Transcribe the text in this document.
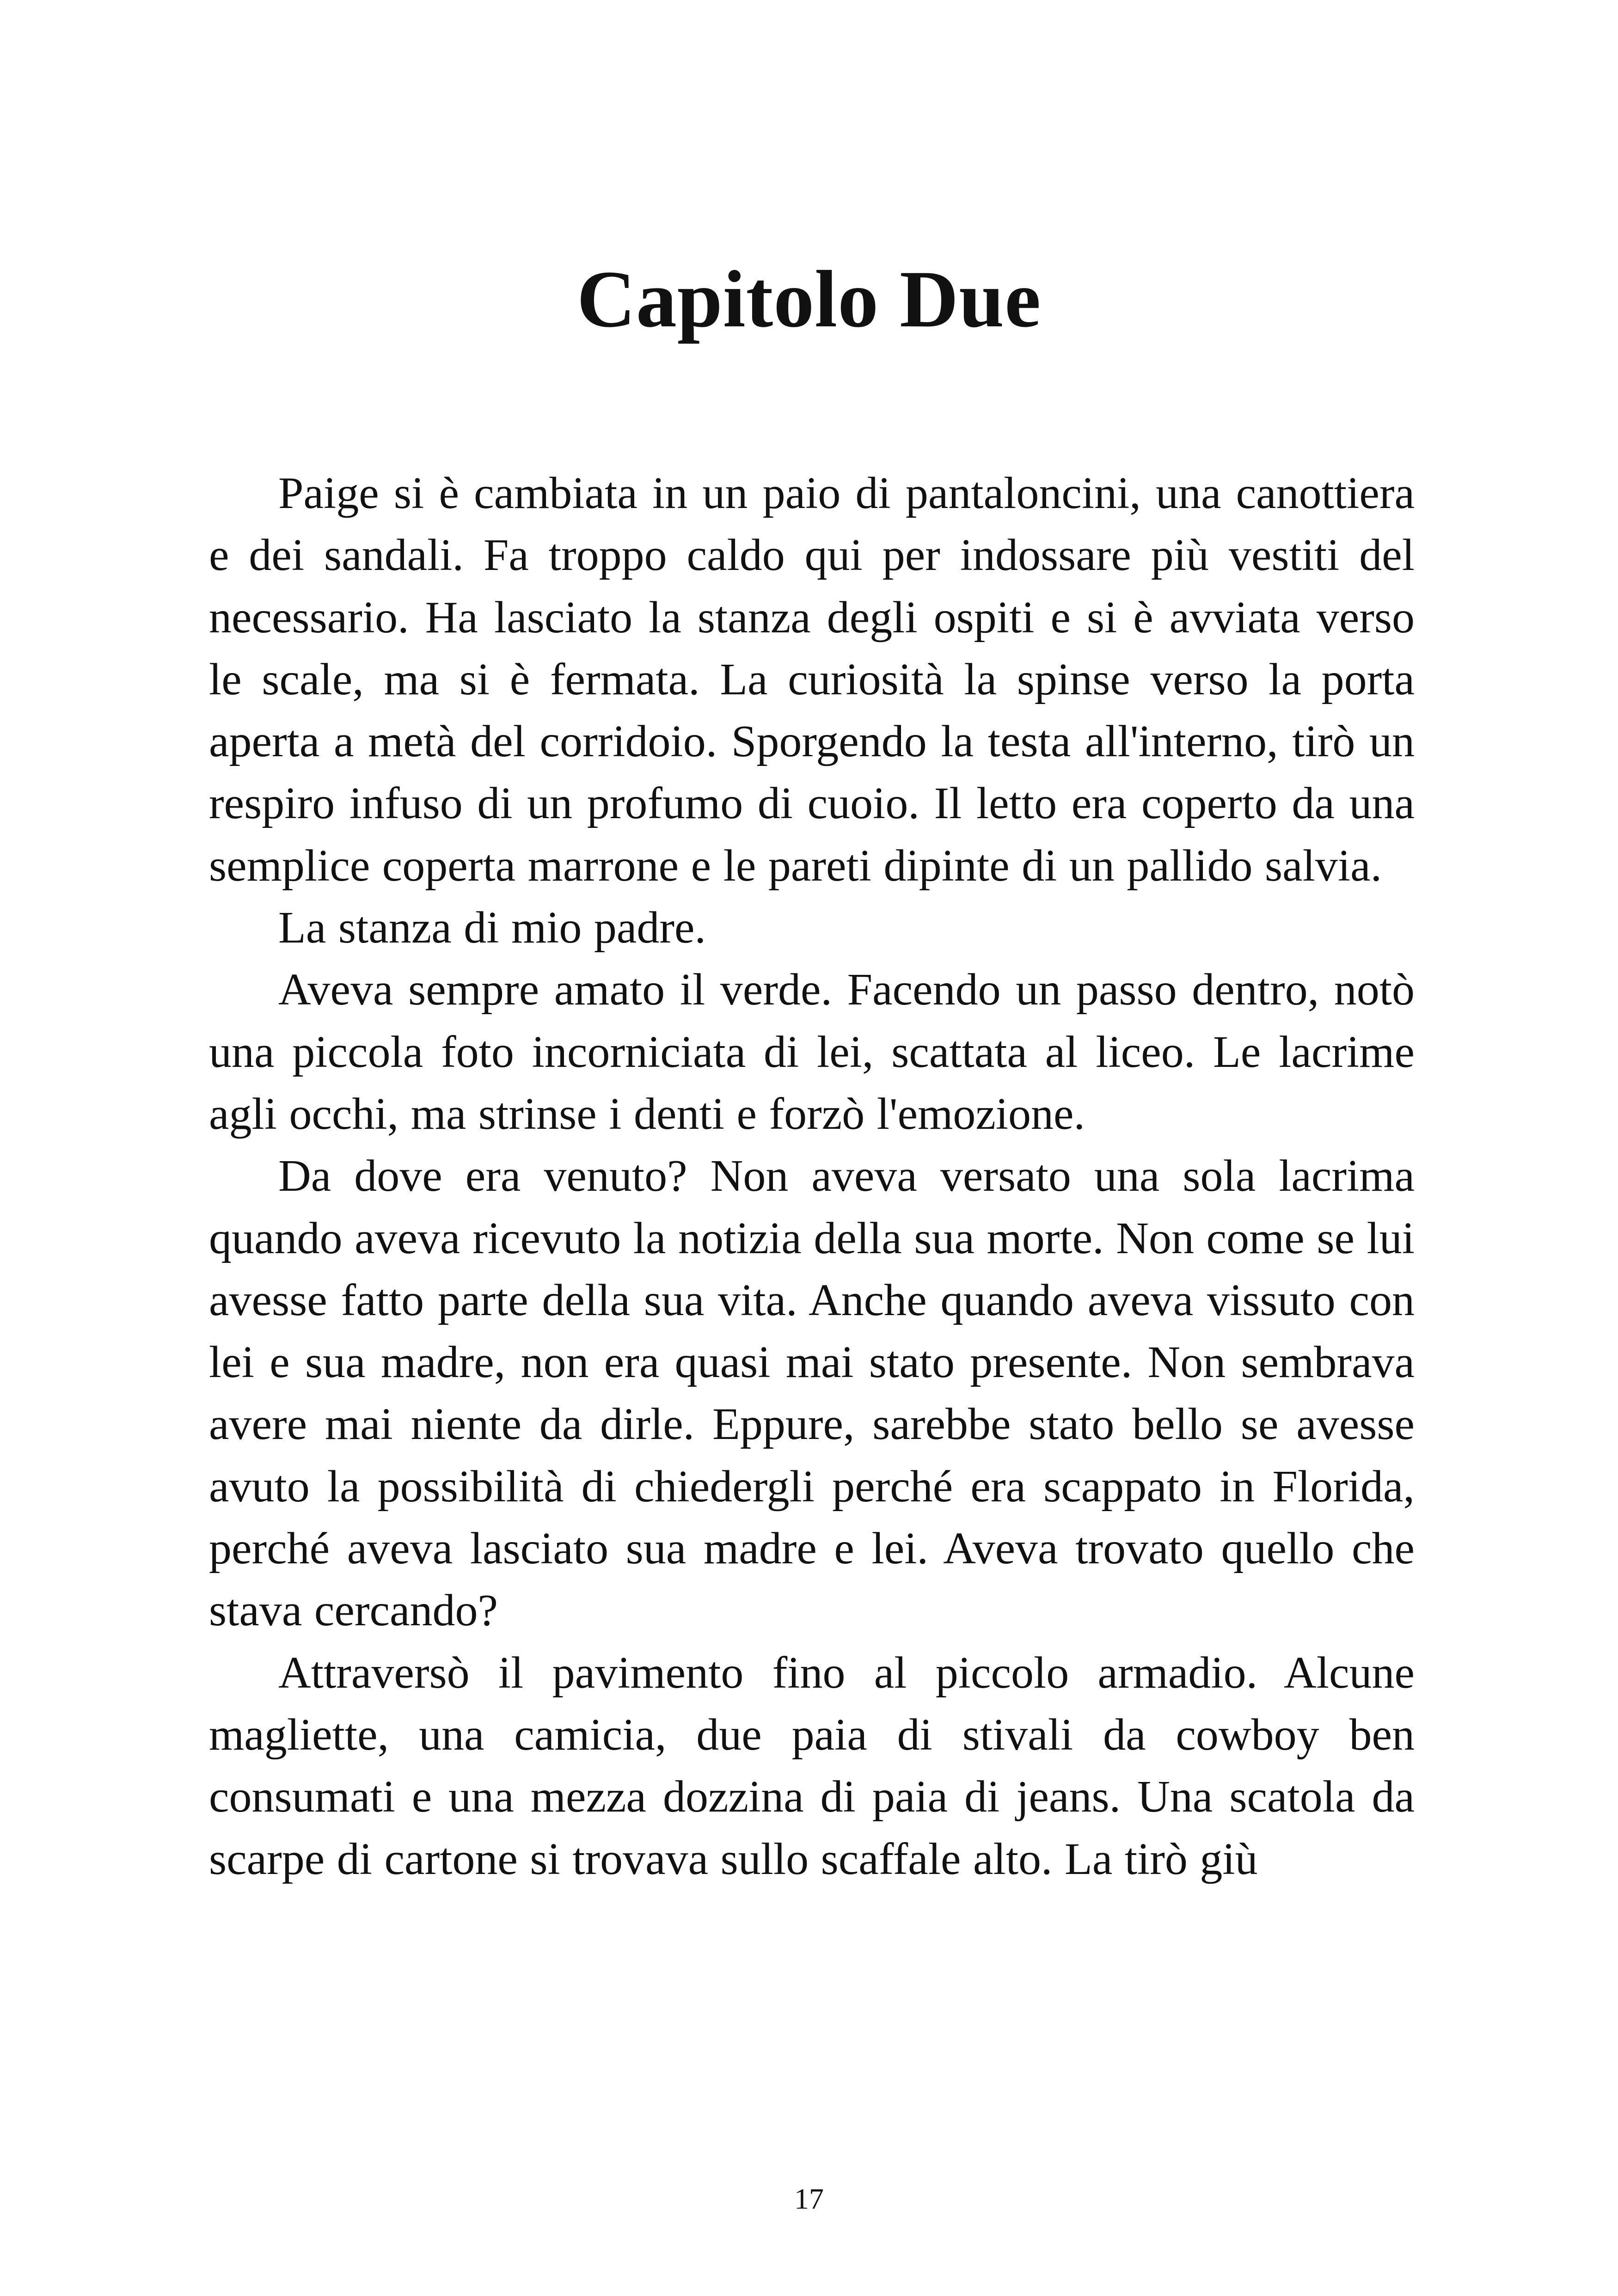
Capitolo Due

Paige si è cambiata in un paio di pantaloncini, una canottiera e dei sandali. Fa troppo caldo qui per indossare più vestiti del necessario. Ha lasciato la stanza degli ospiti e si è avviata verso le scale, ma si è fermata. La curiosità la spinse verso la porta aperta a metà del corridoio. Sporgendo la testa all'interno, tirò un respiro infuso di un profumo di cuoio. Il letto era coperto da una semplice coperta marrone e le pareti dipinte di un pallido salvia.

La stanza di mio padre.

Aveva sempre amato il verde. Facendo un passo dentro, notò una piccola foto incorniciata di lei, scattata al liceo. Le lacrime agli occhi, ma strinse i denti e forzò l'emozione.

Da dove era venuto? Non aveva versato una sola lacrima quando aveva ricevuto la notizia della sua morte. Non come se lui avesse fatto parte della sua vita. Anche quando aveva vissuto con lei e sua madre, non era quasi mai stato presente. Non sembrava avere mai niente da dirle. Eppure, sarebbe stato bello se avesse avuto la possibilità di chiedergli perché era scappato in Florida, perché aveva lasciato sua madre e lei. Aveva trovato quello che stava cercando?

Attraversò il pavimento fino al piccolo armadio. Alcune magliette, una camicia, due paia di stivali da cowboy ben consumati e una mezza dozzina di paia di jeans. Una scatola da scarpe di cartone si trovava sullo scaffale alto. La tirò giù

17
